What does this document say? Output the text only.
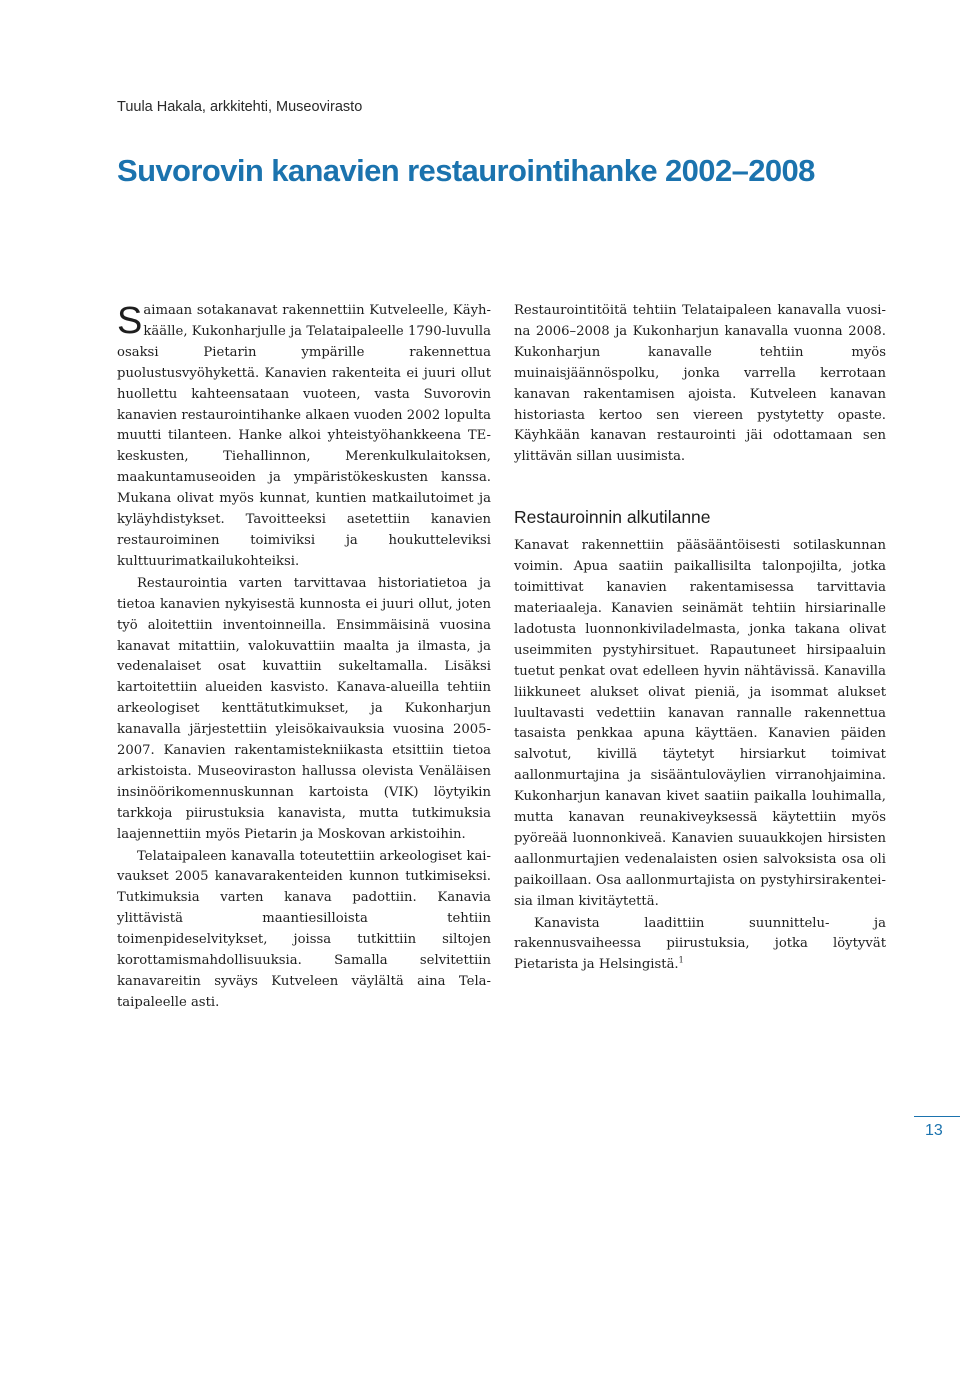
Tuula Hakala, arkkitehti, Museovirasto

Suvorovin kanavien restaurointihanke 2002–2008

Saimaan sotakanavat rakennettiin Kutveleelle, Käyhkäälle, Kukonharjulle ja Telataipaleelle 1790-luvulla osaksi Pietarin ympärille rakennettua puolustusvyöhykettä. Kanavien rakenteita ei juuri ollut huollettu kahteensataan vuoteen, vasta Suvorovin kanavien restaurointihanke alkaen vuoden 2002 lopulta muutti tilanteen. Hanke alkoi yhteistyöhankkeena TE-keskusten, Tiehallinnon, Merenkulkulaitoksen, maakuntamuseoiden ja ympäristökeskusten kanssa. Mukana olivat myös kunnat, kuntien matkailutoimet ja kyläyhdistykset. Tavoitteeksi asetettiin kanavien restauroiminen toimiviksi ja houkutteleviksi kulttuurimatkailukohteiksi.

Restaurointia varten tarvittavaa historiatietoa ja tietoa kanavien nykyisestä kunnosta ei juuri ollut, joten työ aloitettiin inventoinneilla. Ensimmäisinä vuosina kanavat mitattiin, valokuvattiin maalta ja ilmasta, ja vedenalaiset osat kuvattiin sukeltamalla. Lisäksi kartoitettiin alueiden kasvisto. Kanava-alueilla tehtiin arkeologiset kenttätutkimukset, ja Kukonharjun kanavalla järjestettiin yleisökaivauksia vuosina 2005- 2007. Kanavien rakentamistekniikasta etsittiin tietoa arkistoista. Museoviraston hallussa olevista Venäläisen insinöörikomennuskunnan kartoista (VIK) löytyikin tarkkoja piirustuksia kanavista, mutta tutkimuksia laajennettiin myös Pietarin ja Moskovan arkistoihin.

Telataipaleen kanavalla toteutettiin arkeologiset kaivaukset 2005 kanavarakenteiden kunnon tutkimiseksi. Tutkimuksia varten kanava padottiin. Kanavia ylittävistä maantiesilloista tehtiin toimenpideselvitykset, joissa tutkittiin siltojen korottamismahdollisuuksia. Samalla selvitettiin kanavareitin syväys Kutveleen väylältä aina Telataipaleelle asti.

Restaurointitöitä tehtiin Telataipaleen kanavalla vuosina 2006–2008 ja Kukonharjun kanavalla vuonna 2008. Kukonharjun kanavalle tehtiin myös muinaisjäännöspolku, jonka varrella kerrotaan kanavan rakentamisen ajoista. Kutveleen kanavan historiasta kertoo sen viereen pystytetty opaste. Käyhkään kanavan restaurointi jäi odottamaan sen ylittävän sillan uusimista.

Restauroinnin alkutilanne

Kanavat rakennettiin pääsääntöisesti sotilaskunnan voimin. Apua saatiin paikallisilta talonpojilta, jotka toimittivat kanavien rakentamisessa tarvittavia materiaaleja. Kanavien seinämät tehtiin hirsiarinalle ladotusta luonnonkiviladelmasta, jonka takana olivat useimmiten pystyhirsituet. Rapautuneet hirsipaaluin tuetut penkat ovat edelleen hyvin nähtävissä. Kanavilla liikkuneet alukset olivat pieniä, ja isommat alukset luultavasti vedettiin kanavan rannalle rakennettua tasaista penkkaa apuna käyttäen. Kanavien päiden salvotut, kivillä täytetyt hirsiarkut toimivat aallonmurtajina ja sisääntuloväylien virranohjaimina. Kukonharjun kanavan kivet saatiin paikalla louhimalla, mutta kanavan reunakiveyksessä käytettiin myös pyöreää luonnonkiveä. Kanavien suuaukkojen hirsisten aallonmurtajien vedenalaisten osien salvoksista osa oli paikoillaan. Osa aallonmurtajista on pystyhirsirakenteisia ilman kivitäytettä.

Kanavista laadittiin suunnittelu- ja rakennusvaiheessa piirustuksia, jotka löytyvät Pietarista ja Helsingistä.$^1$

13
